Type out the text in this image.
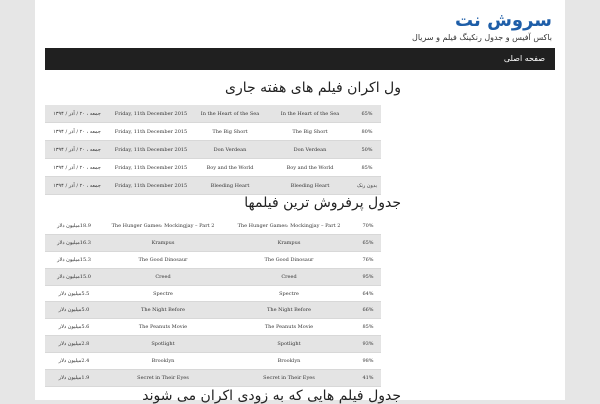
سروش نت
باکس آفیس و جدول رنکینگ فیلم و سریال
صفحه اصلی
ول اکران فیلم های هفته جاری
جمعه ، ۲۰ / آذر / ۱۳۹۴	Friday, 11th December 2015	In the Heart of the Sea	In the Heart of the Sea	65%
جمعه ، ۲۰ / آذر / ۱۳۹۴	Friday, 11th December 2015	The Big Short	The Big Short	80%
جمعه ، ۲۰ / آذر / ۱۳۹۴	Friday, 11th December 2015	Don Verdean	Don Verdean	50%
جمعه ، ۲۰ / آذر / ۱۳۹۴	Friday, 11th December 2015	Boy and the World	Boy and the World	85%
جمعه ، ۲۰ / آذر / ۱۳۹۴	Friday, 11th December 2015	Bleeding Heart	Bleeding Heart	بدون رنک
جدول پرفروش ترین فیلمها
18.9میلیون دلار	The Hunger Games: Mockingjay – Part 2	The Hunger Games: Mockingjay – Part 2	70%
16.3میلیون دلار	Krampus	Krampus	65%
15.3میلیون دلار	The Good Dinosaur	The Good Dinosaur	76%
15.0میلیون دلار	Creed	Creed	95%
5.5میلیون دلار	Spectre	Spectre	64%
5.0میلیون دلار	The Night Before	The Night Before	66%
5.6میلیون دلار	The Peanuts Movie	The Peanuts Movie	85%
2.8میلیون دلار	Spotlight	Spotlight	93%
2.4میلیون دلار	Brooklyn	Brooklyn	98%
1.9میلیون دلار	Secret in Their Eyes	Secret in Their Eyes	41%
جدول فیلم هایی که به زودی اکران می شوند
